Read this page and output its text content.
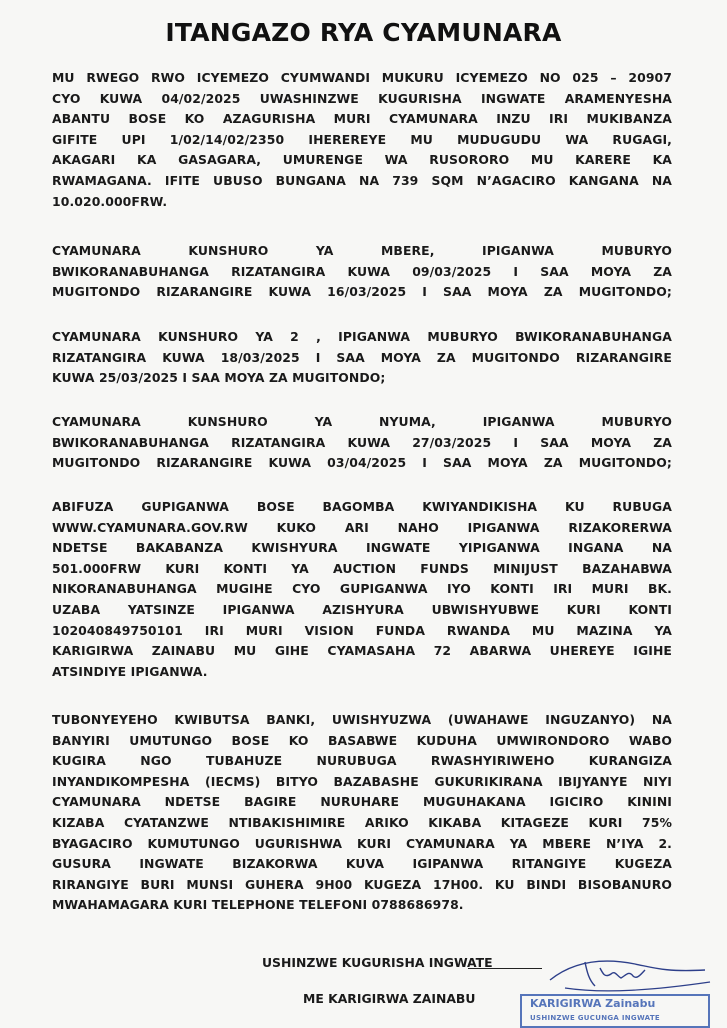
ITANGAZO RYA CYAMUNARA
MU RWEGO RWO ICYEMEZO CYUMWANDI MUKURU ICYEMEZO NO 025 – 20907
CYO KUWA 04/02/2025 UWASHINZWE KUGURISHA INGWATE ARAMENYESHA
ABANTU BOSE KO AZAGURISHA MURI CYAMUNARA INZU IRI MUKIBANZA
GIFITE UPI 1/02/14/02/2350 IHEREREYE MU MUDUGUDU WA RUGAGI,
AKAGARI KA GASAGARA, UMURENGE WA RUSORORO MU KARERE KA
RWAMAGANA. IFITE UBUSO BUNGANA NA 739 SQM N’AGACIRO KANGANA NA
10.020.000FRW.
CYAMUNARA KUNSHURO YA MBERE, IPIGANWA MUBURYO
BWIKORANABUHANGA RIZATANGIRA KUWA 09/03/2025 I SAA MOYA ZA
MUGITONDO RIZARANGIRE KUWA 16/03/2025 I SAA MOYA ZA MUGITONDO;
CYAMUNARA KUNSHURO YA 2 , IPIGANWA MUBURYO BWIKORANABUHANGA
RIZATANGIRA KUWA 18/03/2025 I SAA MOYA ZA MUGITONDO RIZARANGIRE
KUWA 25/03/2025 I SAA MOYA ZA MUGITONDO;
CYAMUNARA KUNSHURO YA NYUMA, IPIGANWA MUBURYO
BWIKORANABUHANGA RIZATANGIRA KUWA 27/03/2025 I SAA MOYA ZA
MUGITONDO RIZARANGIRE KUWA 03/04/2025 I SAA MOYA ZA MUGITONDO;
ABIFUZA GUPIGANWA BOSE BAGOMBA KWIYANDIKISHA KU RUBUGA
WWW.CYAMUNARA.GOV.RW KUKO ARI NAHO IPIGANWA RIZAKORERWA
NDETSE BAKABANZA KWISHYURA INGWATE YIPIGANWA INGANA NA
501.000FRW KURI KONTI YA AUCTION FUNDS MINIJUST BAZAHABWA
NIKORANABUHANGA MUGIHE CYO GUPIGANWA IYO KONTI IRI MURI BK.
UZABA YATSINZE IPIGANWA AZISHYURA UBWISHYUBWE KURI KONTI
102040849750101 IRI MURI VISION FUNDA RWANDA MU MAZINA YA
KARIGIRWA ZAINABU MU GIHE CYAMASAHA 72 ABARWA UHEREYE IGIHE
ATSINDIYE IPIGANWA.
TUBONYEYEHO KWIBUTSA BANKI, UWISHYUZWA (UWAHAWE INGUZANYO) NA
BANYIRI UMUTUNGO BOSE KO BASABWE KUDUHA UMWIRONDORO WABO
KUGIRA NGO TUBAHUZE NURUBUGA RWASHYIRIWEHO KURANGIZA
INYANDIKOMPESHA (IECMS) BITYO BAZABASHE GUKURIKIRANA IBIJYANYE NIYI
CYAMUNARA NDETSE BAGIRE NURUHARE MUGUHAKANA IGICIRO KININI
KIZABA CYATANZWE NTIBAKISHIMIRE ARIKO KIKABA KITAGEZE KURI 75%
BYAGACIRO KUMUTUNGO UGURISHWA KURI CYAMUNARA YA MBERE N’IYA 2.
GUSURA INGWATE BIZAKORWA KUVA IGIPANWA RITANGIYE KUGEZA
RIRANGIYE BURI MUNSI GUHERA 9H00 KUGEZA 17H00. KU BINDI BISOBANURO
MWAHAMAGARA KURI TELEPHONE TELEFONI 0788686978.
USHINZWE KUGURISHA INGWATE
ME KARIGIRWA ZAINABU	KARIGIRWA Zainabu
USHINZWE GUCUNGA INGWATE
